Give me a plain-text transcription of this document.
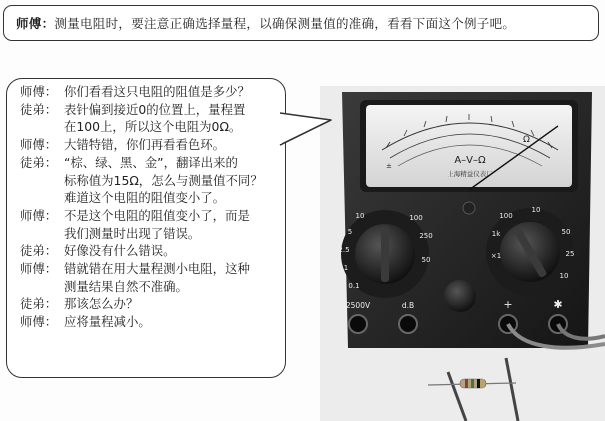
师傅：测量电阻时，要注意正确选择量程，以确保测量值的准确，看看下面这个例子吧。
A–V–Ω
Ω
±
上海精益仪表厂
10
5
2.5
1
100
250
50
0.1
100
10
1k
×1
50
25
10
2500V	d.B	+	✱
师傅： 你们看看这只电阻的阻值是多少？
徒弟： 表针偏到接近0的位置上，量程置
在100上，所以这个电阻为0Ω。
师傅： 大错特错，你们再看看色环。
徒弟： “棕、绿、黑、金”，翻译出来的
标称值为15Ω，怎么与测量值不同？
难道这个电阻的阻值变小了。
师傅： 不是这个电阻的阻值变小了，而是
我们测量时出现了错误。
徒弟： 好像没有什么错误。
师傅： 错就错在用大量程测小电阻，这种
测量结果自然不准确。
徒弟： 那该怎么办？
师傅： 应将量程减小。
